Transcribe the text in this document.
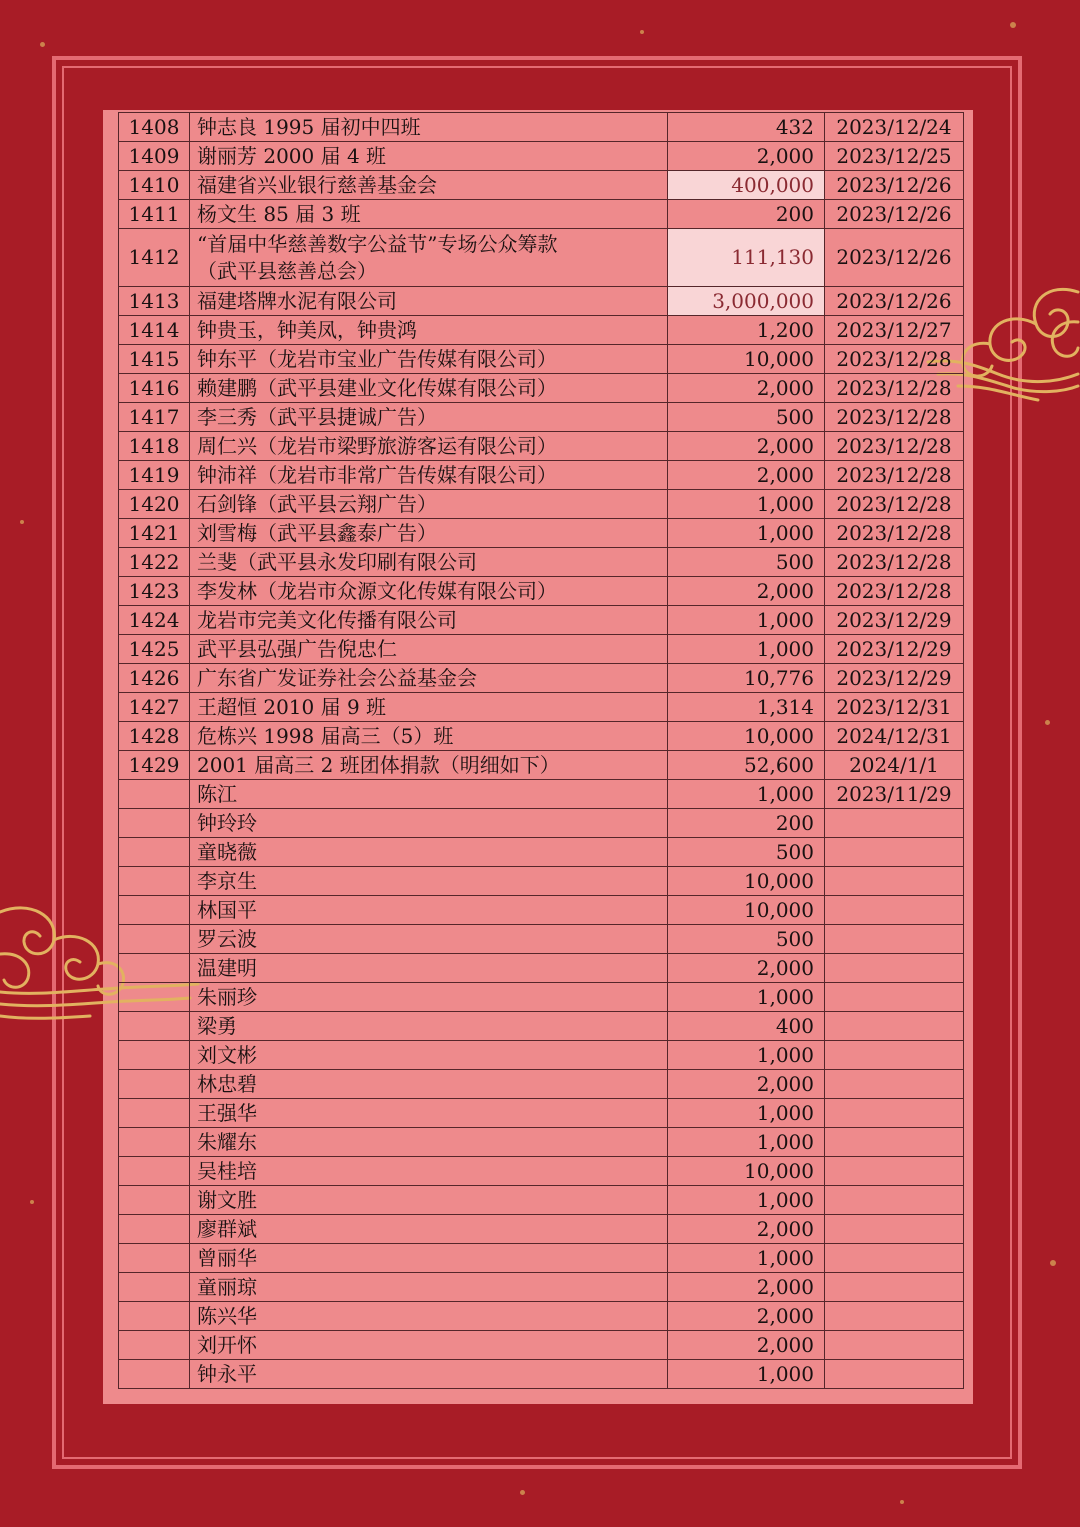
1408	钟志良 1995 届初中四班	432	2023/12/24
1409	谢丽芳 2000 届 4 班	2,000	2023/12/25
1410	福建省兴业银行慈善基金会	400,000	2023/12/26
1411	杨文生 85 届 3 班	200	2023/12/26
1412	“首届中华慈善数字公益节”专场公众筹款
（武平县慈善总会）	111,130	2023/12/26
1413	福建塔牌水泥有限公司	3,000,000	2023/12/26
1414	钟贵玉，钟美凤，钟贵鸿	1,200	2023/12/27
1415	钟东平（龙岩市宝业广告传媒有限公司）	10,000	2023/12/28
1416	赖建鹏（武平县建业文化传媒有限公司）	2,000	2023/12/28
1417	李三秀（武平县捷诚广告）	500	2023/12/28
1418	周仁兴（龙岩市梁野旅游客运有限公司）	2,000	2023/12/28
1419	钟沛祥（龙岩市非常广告传媒有限公司）	2,000	2023/12/28
1420	石剑锋（武平县云翔广告）	1,000	2023/12/28
1421	刘雪梅（武平县鑫泰广告）	1,000	2023/12/28
1422	兰斐（武平县永发印刷有限公司	500	2023/12/28
1423	李发林（龙岩市众源文化传媒有限公司）	2,000	2023/12/28
1424	龙岩市完美文化传播有限公司	1,000	2023/12/29
1425	武平县弘强广告倪忠仁	1,000	2023/12/29
1426	广东省广发证券社会公益基金会	10,776	2023/12/29
1427	王超恒 2010 届 9 班	1,314	2023/12/31
1428	危栋兴 1998 届高三（5）班	10,000	2024/12/31
1429	2001 届高三 2 班团体捐款（明细如下）	52,600	2024/1/1

	陈江	1,000	2023/11/29

	钟玲玲	200	

	童晓薇	500	

	李京生	10,000	

	林国平	10,000	

	罗云波	500	

	温建明	2,000	

	朱丽珍	1,000	

	梁勇	400	

	刘文彬	1,000	

	林忠碧	2,000	

	王强华	1,000	

	朱耀东	1,000	

	吴桂培	10,000	

	谢文胜	1,000	

	廖群斌	2,000	

	曾丽华	1,000	

	童丽琼	2,000	

	陈兴华	2,000	

	刘开怀	2,000	

	钟永平	1,000	
